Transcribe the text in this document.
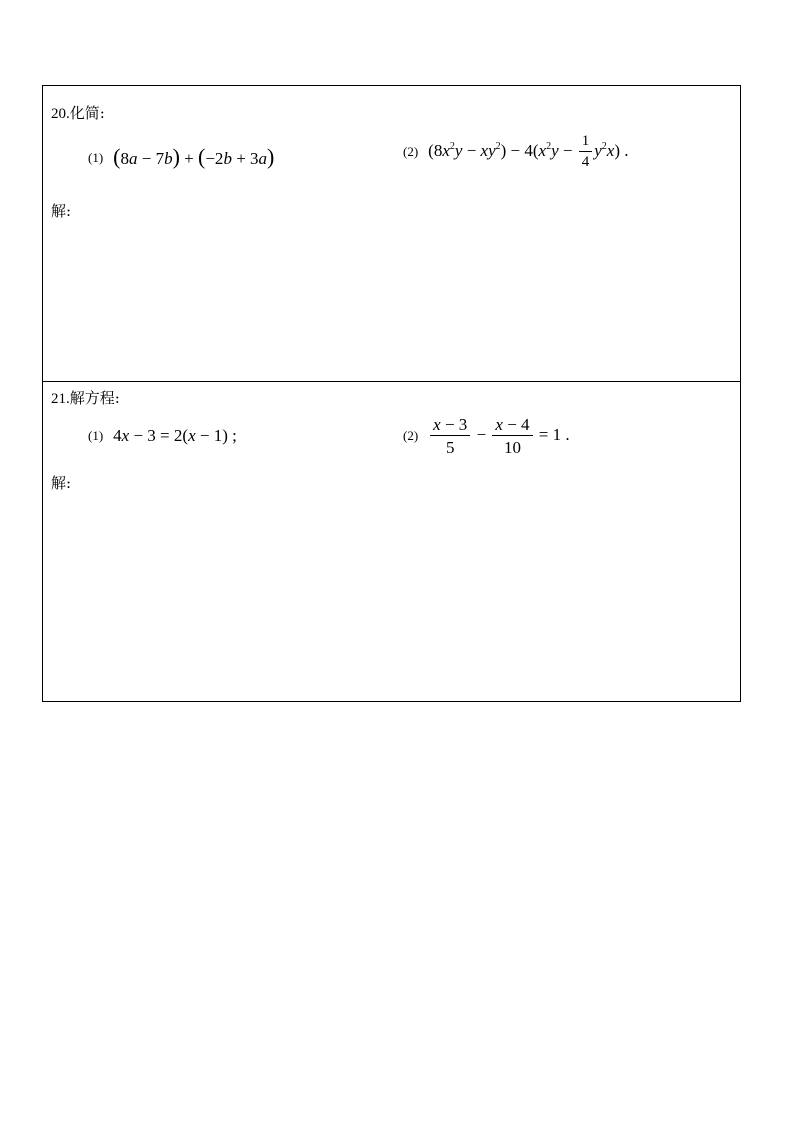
20.化简:
(1) (8a − 7b) + (−2b + 3a)	(2) $(8x^2y - xy^2) - 4(x^2y - \frac{1}{4} y^2x)$ .
解:
21.解方程:
(1) 4x − 3 = 2(x − 1) ;	$(2) \frac{x - 3}{5} - \frac{x - 4}{10} = 1$ .
解:
